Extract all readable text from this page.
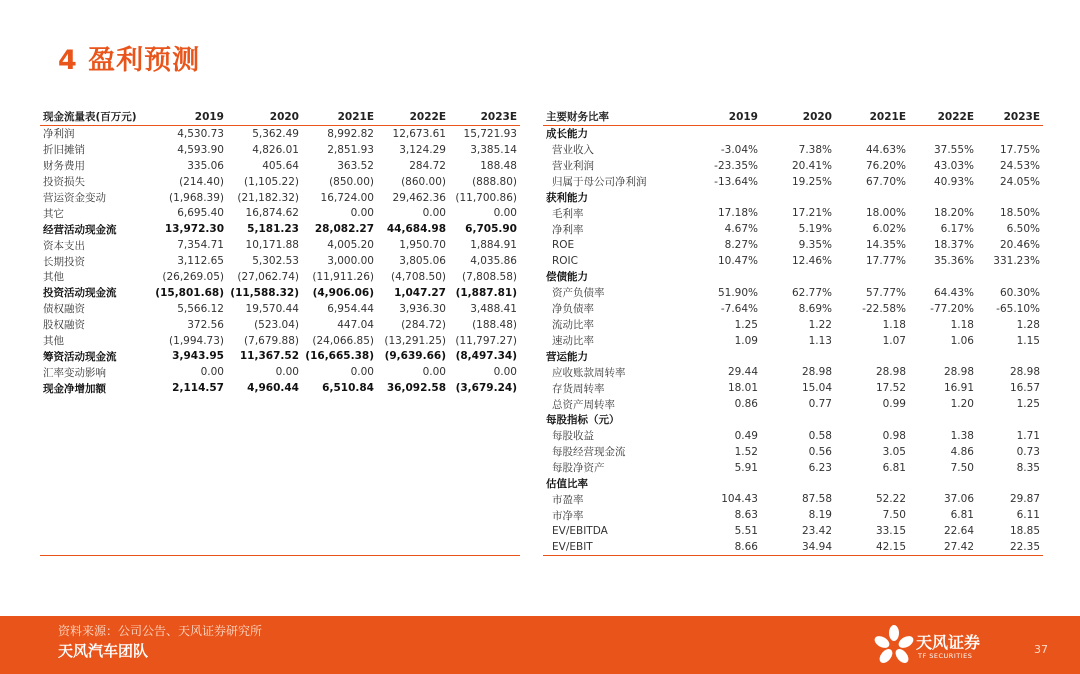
4 盈利预测
现金流量表(百万元)	2019	2020	2021E	2022E	2023E
净利润	4,530.73	5,362.49	8,992.82	12,673.61	15,721.93
折旧摊销	4,593.90	4,826.01	2,851.93	3,124.29	3,385.14
财务费用	335.06	405.64	363.52	284.72	188.48
投资损失	(214.40)	(1,105.22)	(850.00)	(860.00)	(888.80)
营运资金变动	(1,968.39)	(21,182.32)	16,724.00	29,462.36	(11,700.86)
其它	6,695.40	16,874.62	0.00	0.00	0.00
经营活动现金流	13,972.30	5,181.23	28,082.27	44,684.98	6,705.90
资本支出	7,354.71	10,171.88	4,005.20	1,950.70	1,884.91
长期投资	3,112.65	5,302.53	3,000.00	3,805.06	4,035.86
其他	(26,269.05)	(27,062.74)	(11,911.26)	(4,708.50)	(7,808.58)
投资活动现金流	(15,801.68)	(11,588.32)	(4,906.06)	1,047.27	(1,887.81)
债权融资	5,566.12	19,570.44	6,954.44	3,936.30	3,488.41
股权融资	372.56	(523.04)	447.04	(284.72)	(188.48)
其他	(1,994.73)	(7,679.88)	(24,066.85)	(13,291.25)	(11,797.27)
筹资活动现金流	3,943.95	11,367.52	(16,665.38)	(9,639.66)	(8,497.34)
汇率变动影响	0.00	0.00	0.00	0.00	0.00
现金净增加额	2,114.57	4,960.44	6,510.84	36,092.58	(3,679.24)

主要财务比率	2019	2020	2021E	2022E	2023E
成长能力					
营业收入	-3.04%	7.38%	44.63%	37.55%	17.75%
营业利润	-23.35%	20.41%	76.20%	43.03%	24.53%
归属于母公司净利润	-13.64%	19.25%	67.70%	40.93%	24.05%
获利能力					
毛利率	17.18%	17.21%	18.00%	18.20%	18.50%
净利率	4.67%	5.19%	6.02%	6.17%	6.50%
ROE	8.27%	9.35%	14.35%	18.37%	20.46%
ROIC	10.47%	12.46%	17.77%	35.36%	331.23%
偿债能力					
资产负债率	51.90%	62.77%	57.77%	64.43%	60.30%
净负债率	-7.64%	8.69%	-22.58%	-77.20%	-65.10%
流动比率	1.25	1.22	1.18	1.18	1.28
速动比率	1.09	1.13	1.07	1.06	1.15
营运能力					
应收账款周转率	29.44	28.98	28.98	28.98	28.98
存货周转率	18.01	15.04	17.52	16.91	16.57
总资产周转率	0.86	0.77	0.99	1.20	1.25
每股指标（元）					
每股收益	0.49	0.58	0.98	1.38	1.71
每股经营现金流	1.52	0.56	3.05	4.86	0.73
每股净资产	5.91	6.23	6.81	7.50	8.35
估值比率					
市盈率	104.43	87.58	52.22	37.06	29.87
市净率	8.63	8.19	7.50	6.81	6.11
EV/EBITDA	5.51	23.42	33.15	22.64	18.85
EV/EBIT	8.66	34.94	42.15	27.42	22.35
资料来源：公司公告、天风证券研究所
天风汽车团队	天风证券
TF SECURITIES	37
